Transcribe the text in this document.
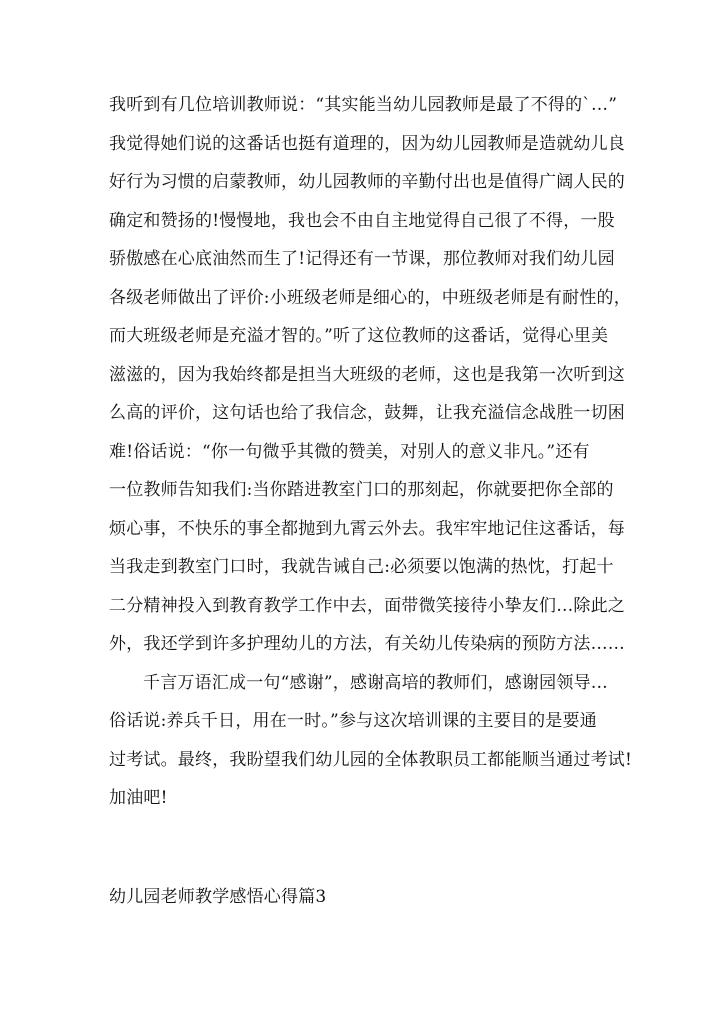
我听到有几位培训教师说：“其实能当幼儿园教师是最了不得的`…”
我觉得她们说的这番话也挺有道理的，因为幼儿园教师是造就幼儿良
好行为习惯的启蒙教师，幼儿园教师的辛勤付出也是值得广阔人民的
确定和赞扬的!慢慢地，我也会不由自主地觉得自己很了不得，一股
骄傲感在心底油然而生了!记得还有一节课，那位教师对我们幼儿园
各级老师做出了评价:小班级老师是细心的，中班级老师是有耐性的，
而大班级老师是充溢才智的。”听了这位教师的这番话，觉得心里美
滋滋的，因为我始终都是担当大班级的老师，这也是我第一次听到这
么高的评价，这句话也给了我信念，鼓舞，让我充溢信念战胜一切困
难!俗话说：“你一句微乎其微的赞美，对别人的意义非凡。”还有
一位教师告知我们:当你踏进教室门口的那刻起，你就要把你全部的
烦心事，不快乐的事全都抛到九霄云外去。我牢牢地记住这番话，每
当我走到教室门口时，我就告诫自己:必须要以饱满的热忱，打起十
二分精神投入到教育教学工作中去，面带微笑接待小挚友们…除此之
外，我还学到许多护理幼儿的方法，有关幼儿传染病的预防方法……
千言万语汇成一句“感谢”，感谢高培的教师们，感谢园领导…
俗话说:养兵千日，用在一时。”参与这次培训课的主要目的是要通
过考试。最终，我盼望我们幼儿园的全体教职员工都能顺当通过考试!
加油吧!
幼儿园老师教学感悟心得篇3
